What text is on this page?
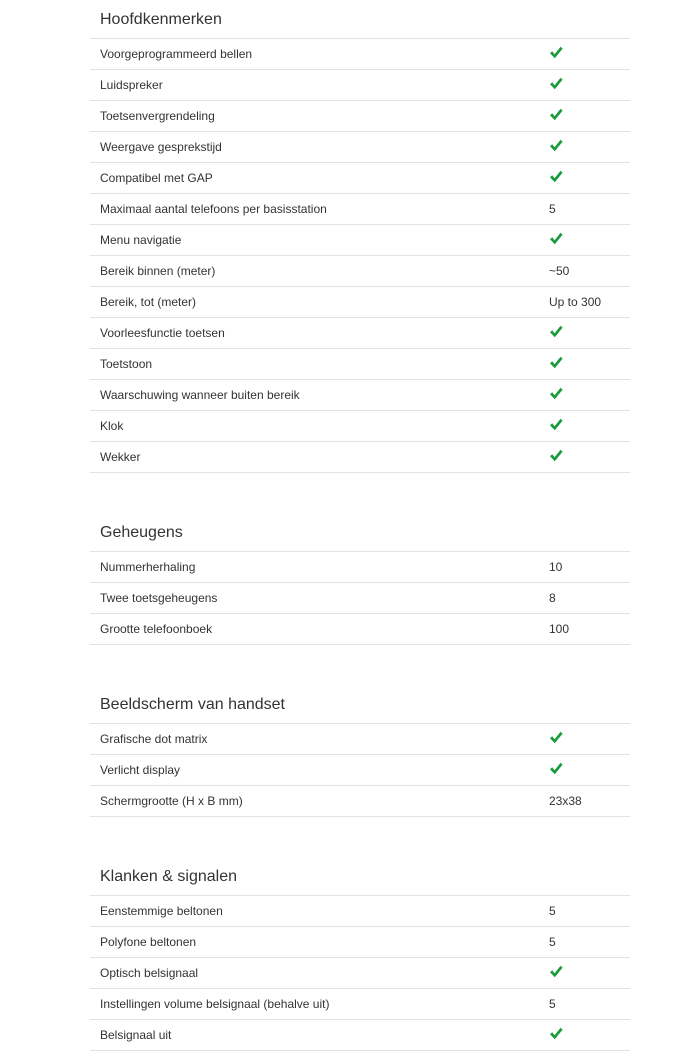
Hoofdkenmerken
Voorgeprogrammeerd bellen
Luidspreker
Toetsenvergrendeling
Weergave gesprekstijd
Compatibel met GAP
Maximaal aantal telefoons per basisstation	5
Menu navigatie
Bereik binnen (meter)	~50
Bereik, tot (meter)	Up to 300
Voorleesfunctie toetsen
Toetstoon
Waarschuwing wanneer buiten bereik
Klok
Wekker
Geheugens
Nummerherhaling	10
Twee toetsgeheugens	8
Grootte telefoonboek	100
Beeldscherm van handset
Grafische dot matrix
Verlicht display
Schermgrootte (H x B mm)	23x38
Klanken & signalen
Eenstemmige beltonen	5
Polyfone beltonen	5
Optisch belsignaal
Instellingen volume belsignaal (behalve uit)	5
Belsignaal uit
